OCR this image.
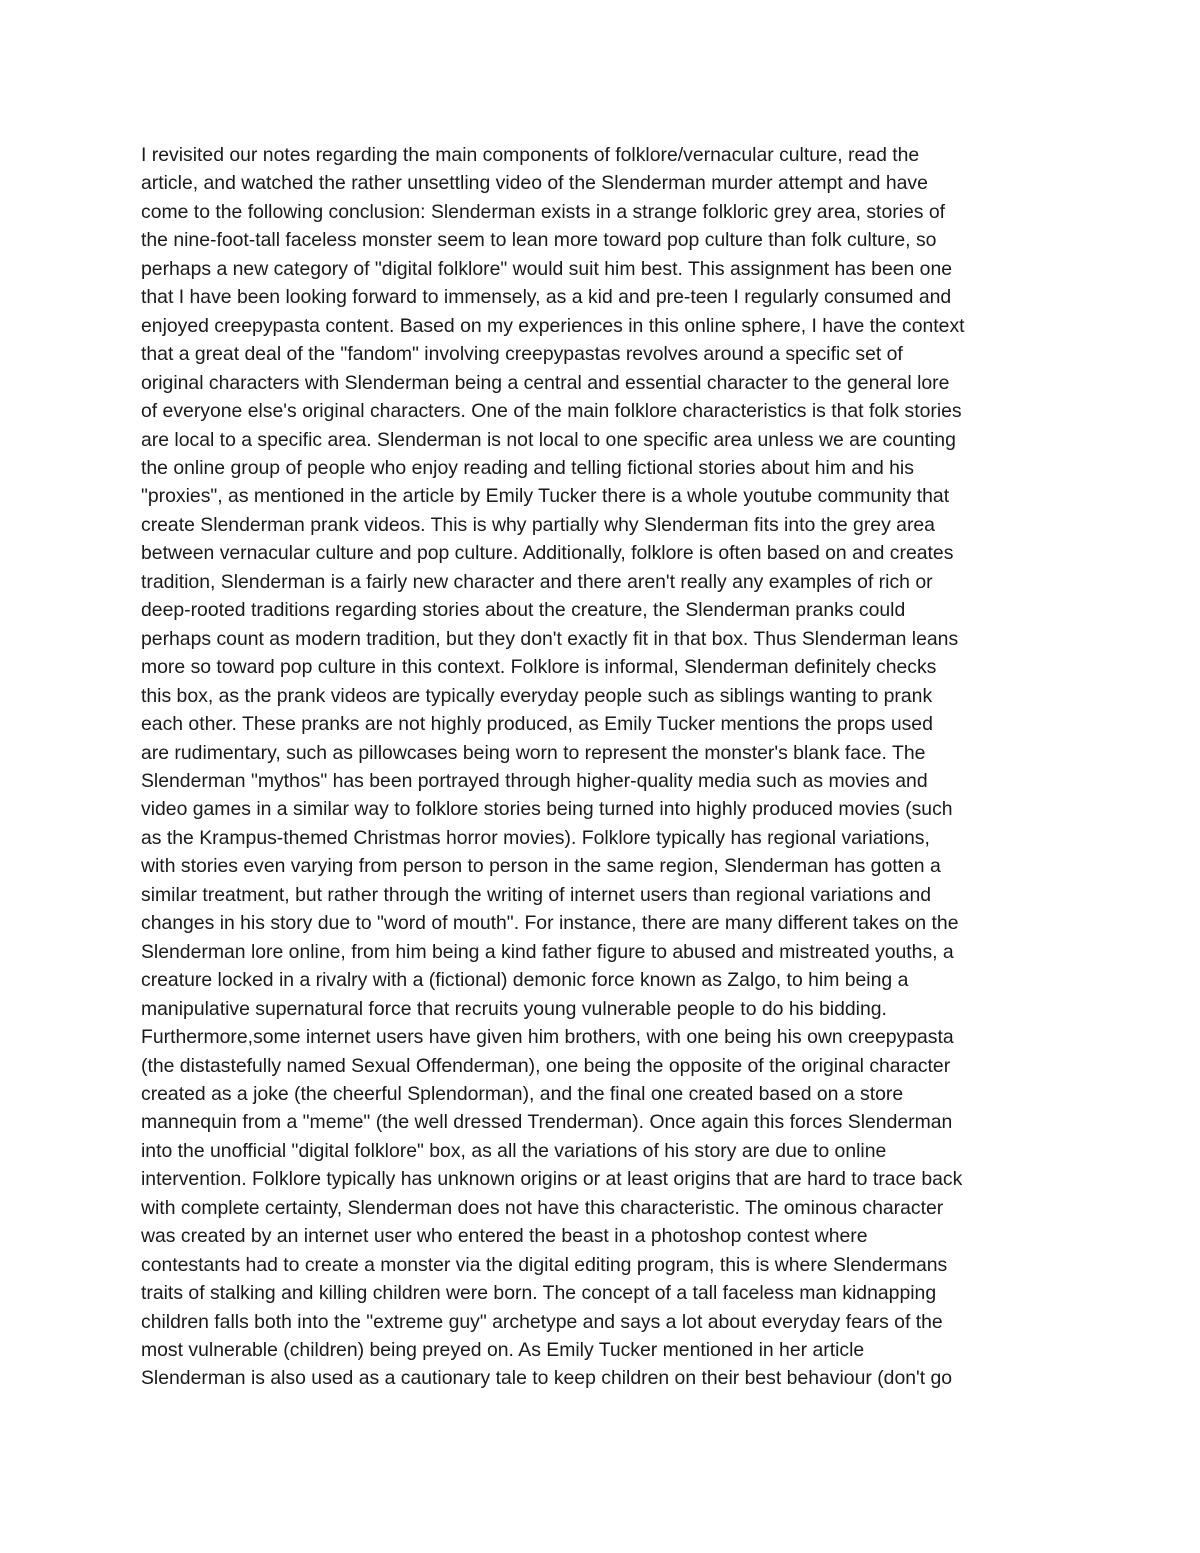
I revisited our notes regarding the main components of folklore/vernacular culture, read the
article, and watched the rather unsettling video of the Slenderman murder attempt and have
come to the following conclusion: Slenderman exists in a strange folkloric grey area, stories of
the nine-foot-tall faceless monster seem to lean more toward pop culture than folk culture, so
perhaps a new category of "digital folklore" would suit him best. This assignment has been one
that I have been looking forward to immensely, as a kid and pre-teen I regularly consumed and
enjoyed creepypasta content. Based on my experiences in this online sphere, I have the context
that a great deal of the "fandom" involving creepypastas revolves around a specific set of
original characters with Slenderman being a central and essential character to the general lore
of everyone else's original characters. One of the main folklore characteristics is that folk stories
are local to a specific area. Slenderman is not local to one specific area unless we are counting
the online group of people who enjoy reading and telling fictional stories about him and his
"proxies", as mentioned in the article by Emily Tucker there is a whole youtube community that
create Slenderman prank videos. This is why partially why Slenderman fits into the grey area
between vernacular culture and pop culture. Additionally, folklore is often based on and creates
tradition, Slenderman is a fairly new character and there aren't really any examples of rich or
deep-rooted traditions regarding stories about the creature, the Slenderman pranks could
perhaps count as modern tradition, but they don't exactly fit in that box. Thus Slenderman leans
more so toward pop culture in this context. Folklore is informal, Slenderman definitely checks
this box, as the prank videos are typically everyday people such as siblings wanting to prank
each other. These pranks are not highly produced, as Emily Tucker mentions the props used
are rudimentary, such as pillowcases being worn to represent the monster's blank face. The
Slenderman "mythos" has been portrayed through higher-quality media such as movies and
video games in a similar way to folklore stories being turned into highly produced movies (such
as the Krampus-themed Christmas horror movies). Folklore typically has regional variations,
with stories even varying from person to person in the same region, Slenderman has gotten a
similar treatment, but rather through the writing of internet users than regional variations and
changes in his story due to "word of mouth". For instance, there are many different takes on the
Slenderman lore online, from him being a kind father figure to abused and mistreated youths, a
creature locked in a rivalry with a (fictional) demonic force known as Zalgo, to him being a
manipulative supernatural force that recruits young vulnerable people to do his bidding.
Furthermore,some internet users have given him brothers, with one being his own creepypasta
(the distastefully named Sexual Offenderman), one being the opposite of the original character
created as a joke (the cheerful Splendorman), and the final one created based on a store
mannequin from a "meme" (the well dressed Trenderman). Once again this forces Slenderman
into the unofficial "digital folklore" box, as all the variations of his story are due to online
intervention. Folklore typically has unknown origins or at least origins that are hard to trace back
with complete certainty, Slenderman does not have this characteristic. The ominous character
was created by an internet user who entered the beast in a photoshop contest where
contestants had to create a monster via the digital editing program, this is where Slendermans
traits of stalking and killing children were born. The concept of a tall faceless man kidnapping
children falls both into the "extreme guy" archetype and says a lot about everyday fears of the
most vulnerable (children) being preyed on. As Emily Tucker mentioned in her article
Slenderman is also used as a cautionary tale to keep children on their best behaviour (don't go
